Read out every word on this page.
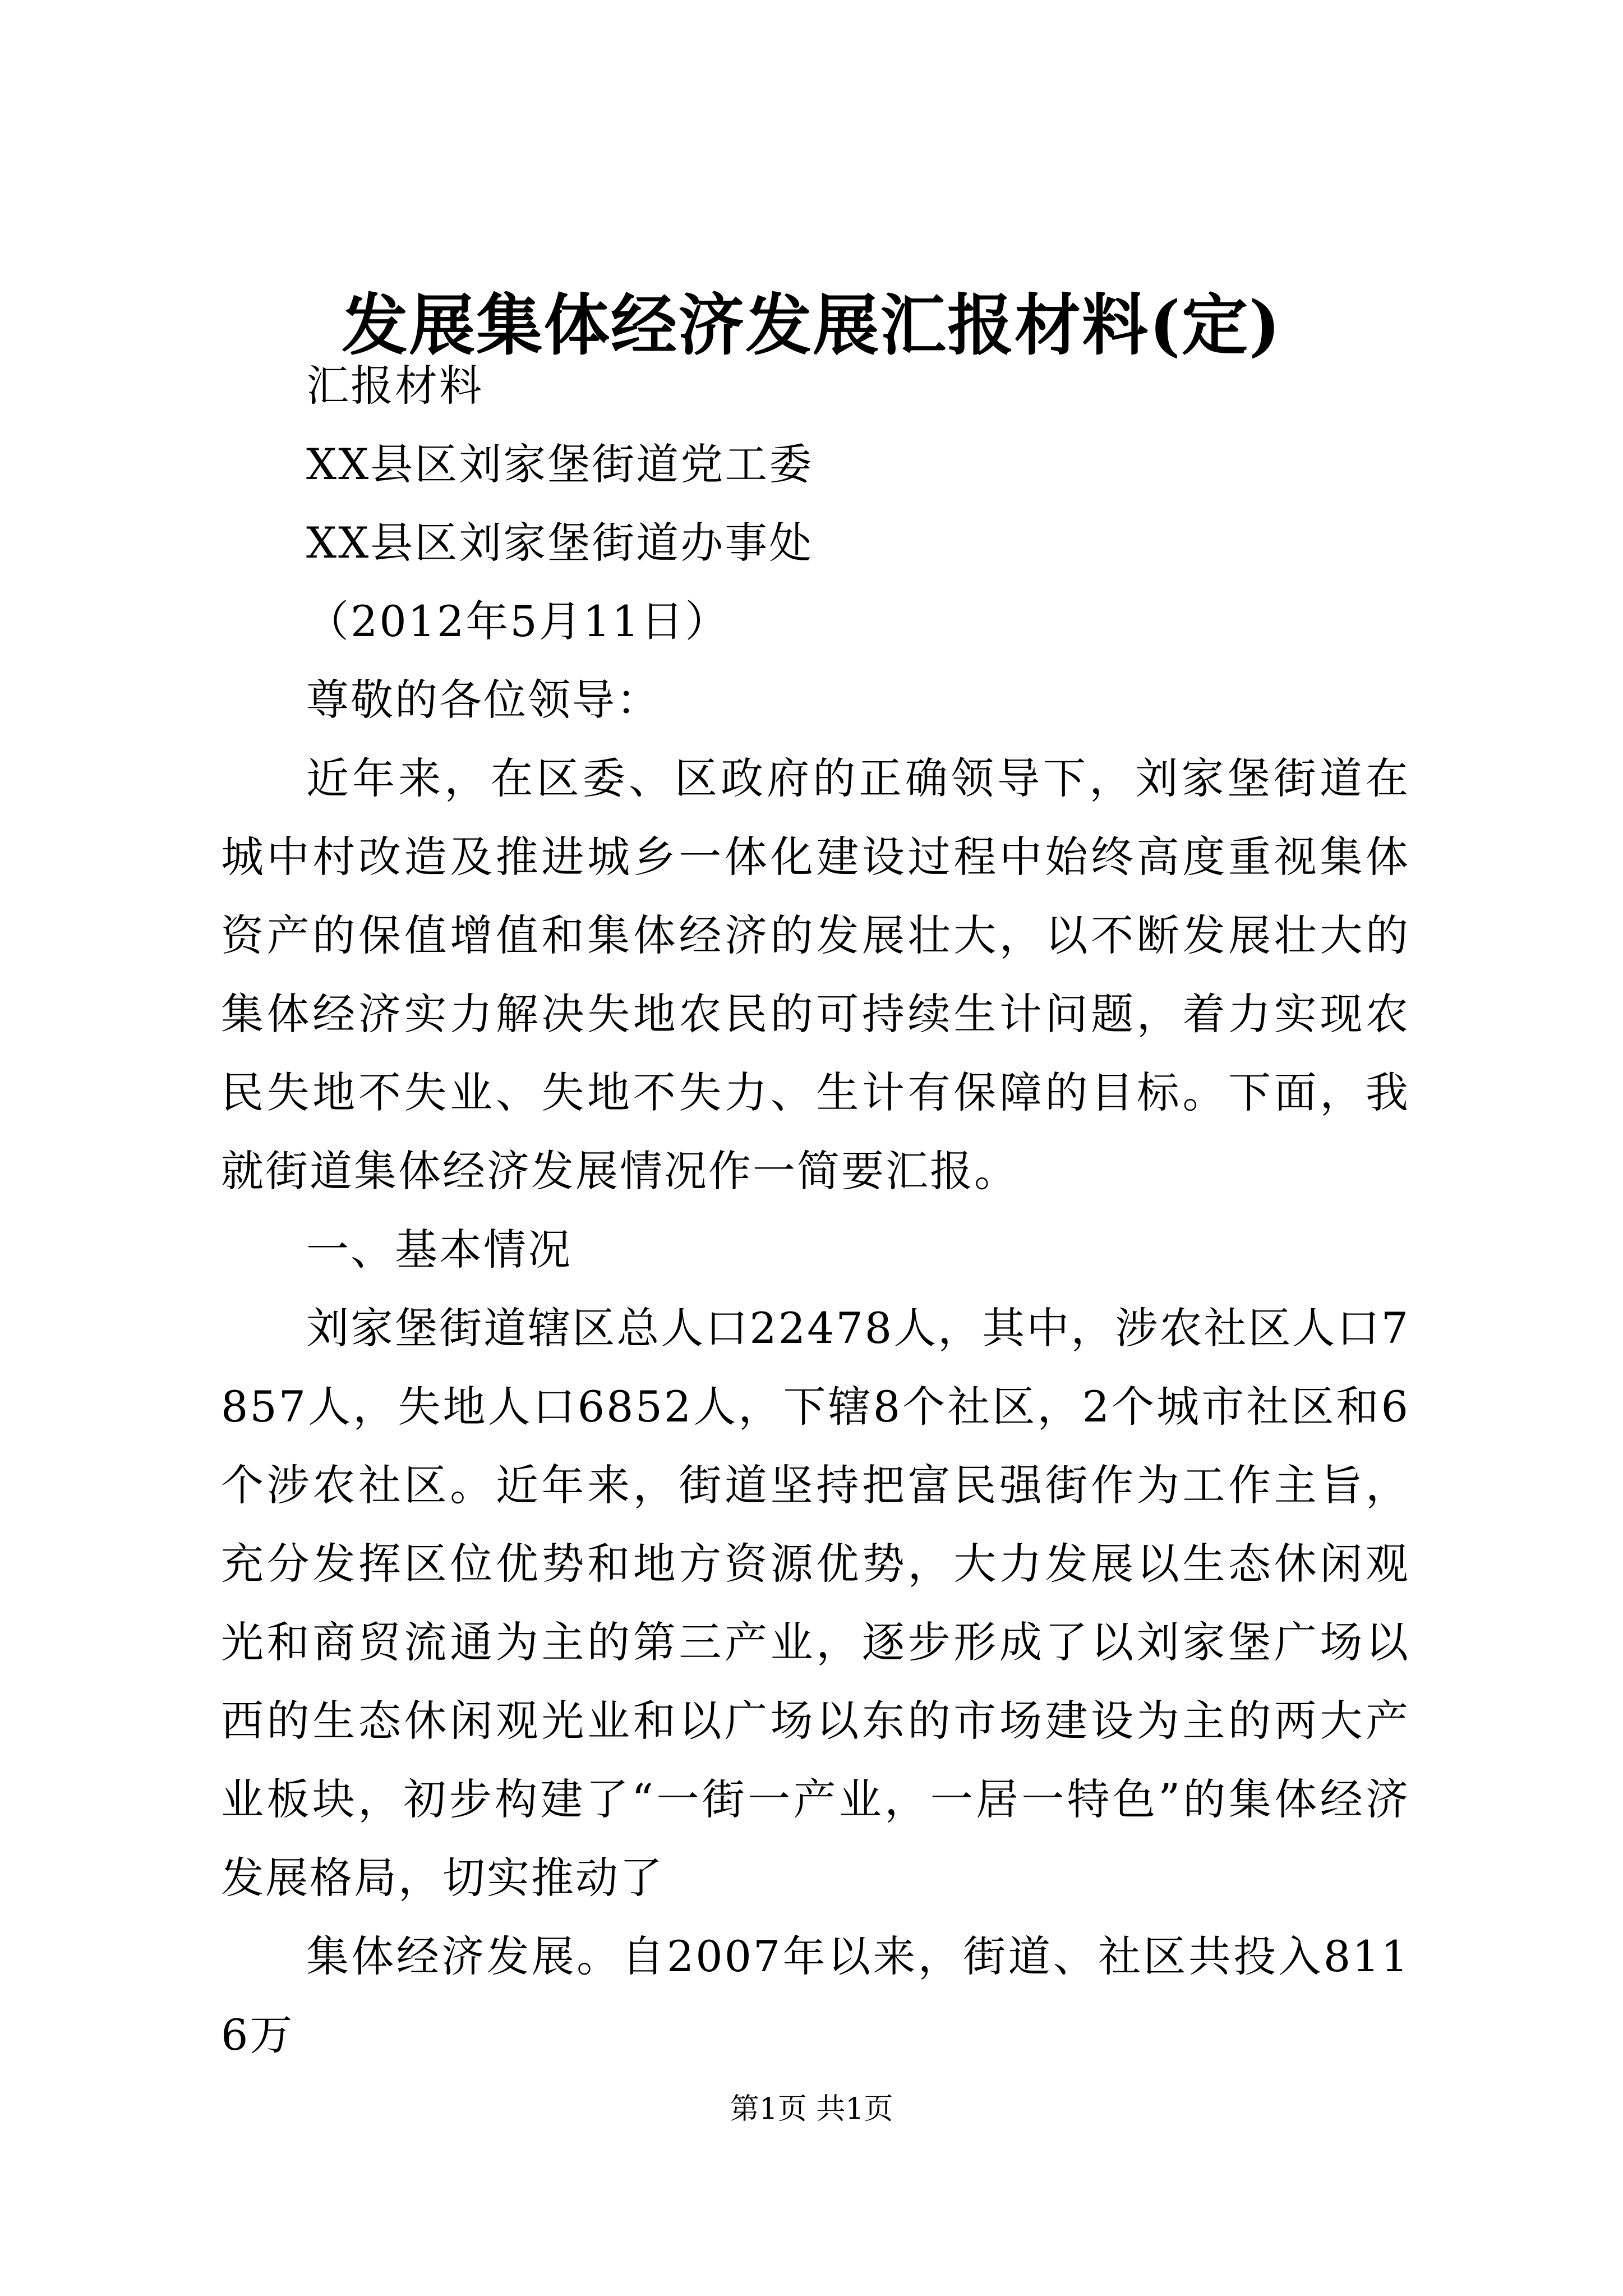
发展集体经济发展汇报材料(定)

汇报材料

XX县区刘家堡街道党工委

XX县区刘家堡街道办事处

（2012年5月11日）

尊敬的各位领导：

近年来，在区委、区政府的正确领导下，刘家堡街道在城中村改造及推进城乡一体化建设过程中始终高度重视集体资产的保值增值和集体经济的发展壮大，以不断发展壮大的集体经济实力解决失地农民的可持续生计问题，着力实现农民失地不失业、失地不失力、生计有保障的目标。下面，我就街道集体经济发展情况作一简要汇报。

一、基本情况

刘家堡街道辖区总人口22478人，其中，涉农社区人口7857人，失地人口6852人，下辖8个社区，2个城市社区和6个涉农社区。近年来，街道坚持把富民强街作为工作主旨，充分发挥区位优势和地方资源优势，大力发展以生态休闲观光和商贸流通为主的第三产业，逐步形成了以刘家堡广场以西的生态休闲观光业和以广场以东的市场建设为主的两大产业板块，初步构建了“一街一产业，一居一特色”的集体经济发展格局，切实推动了

集体经济发展。自2007年以来，街道、社区共投入8116万

第1页 共1页
